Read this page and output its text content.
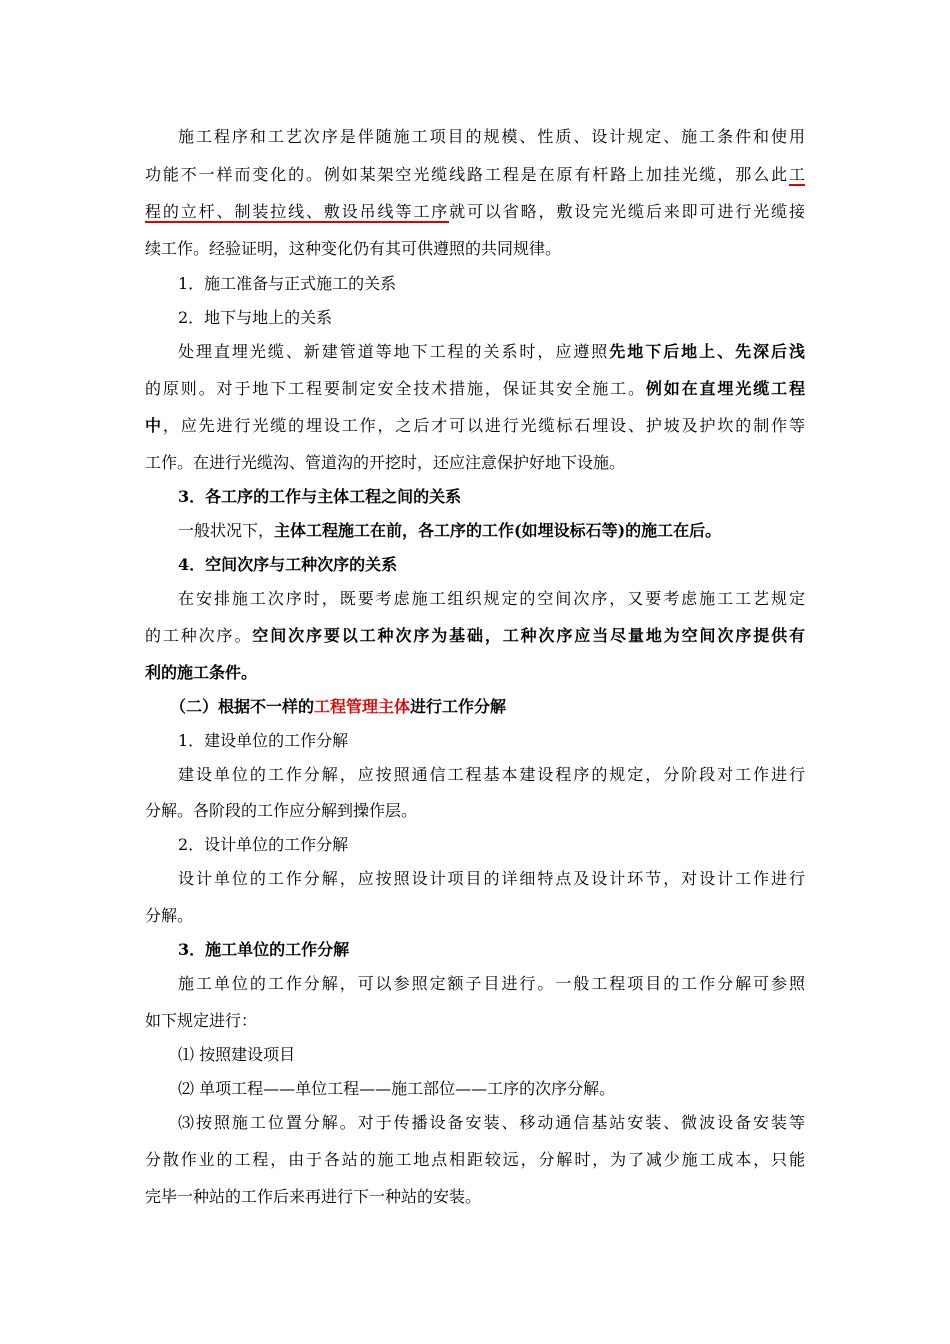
施工程序和工艺次序是伴随施工项目的规模、性质、设计规定、施工条件和使用
功能不一样而变化的。例如某架空光缆线路工程是在原有杆路上加挂光缆，那么此工
程的立杆、制装拉线、敷设吊线等工序就可以省略，敷设完光缆后来即可进行光缆接
续工作。经验证明，这种变化仍有其可供遵照的共同规律。
1．施工准备与正式施工的关系
2．地下与地上的关系
处理直埋光缆、新建管道等地下工程的关系时，应遵照先地下后地上、先深后浅
的原则。对于地下工程要制定安全技术措施，保证其安全施工。例如在直埋光缆工程
中，应先进行光缆的埋设工作，之后才可以进行光缆标石埋设、护坡及护坎的制作等
工作。在进行光缆沟、管道沟的开挖时，还应注意保护好地下设施。
3．各工序的工作与主体工程之间的关系
一般状况下，主体工程施工在前，各工序的工作(如埋设标石等)的施工在后。
4．空间次序与工种次序的关系
在安排施工次序时，既要考虑施工组织规定的空间次序，又要考虑施工工艺规定
的工种次序。空间次序要以工种次序为基础，工种次序应当尽量地为空间次序提供有
利的施工条件。
（二）根据不一样的工程管理主体进行工作分解
1．建设单位的工作分解
建设单位的工作分解，应按照通信工程基本建设程序的规定，分阶段对工作进行
分解。各阶段的工作应分解到操作层。
2．设计单位的工作分解
设计单位的工作分解，应按照设计项目的详细特点及设计环节，对设计工作进行
分解。
3．施工单位的工作分解
施工单位的工作分解，可以参照定额子目进行。一般工程项目的工作分解可参照
如下规定进行：
⑴ 按照建设项目
⑵ 单项工程——单位工程——施工部位——工序的次序分解。
⑶按照施工位置分解。对于传播设备安装、移动通信基站安装、微波设备安装等
分散作业的工程，由于各站的施工地点相距较远，分解时，为了减少施工成本，只能
完毕一种站的工作后来再进行下一种站的安装。
